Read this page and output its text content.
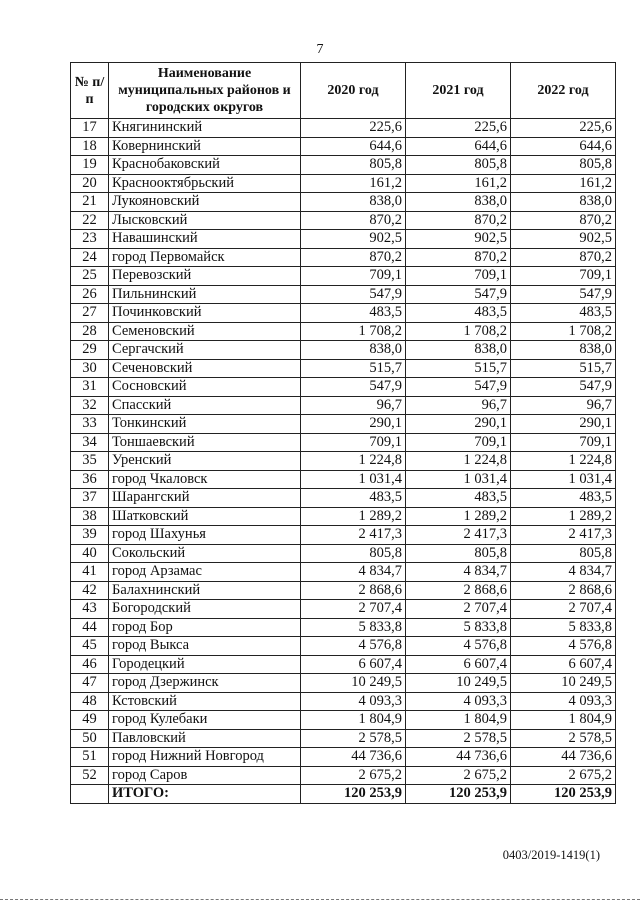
7
№ п/п	Наименование муниципальных районов и городских округов	2020 год	2021 год	2022 год
17	Княгининский	225,6	225,6	225,6
18	Ковернинский	644,6	644,6	644,6
19	Краснобаковский	805,8	805,8	805,8
20	Краснооктябрьский	161,2	161,2	161,2
21	Лукояновский	838,0	838,0	838,0
22	Лысковский	870,2	870,2	870,2
23	Навашинский	902,5	902,5	902,5
24	город Первомайск	870,2	870,2	870,2
25	Перевозский	709,1	709,1	709,1
26	Пильнинский	547,9	547,9	547,9
27	Починковский	483,5	483,5	483,5
28	Семеновский	1 708,2	1 708,2	1 708,2
29	Сергачский	838,0	838,0	838,0
30	Сеченовский	515,7	515,7	515,7
31	Сосновский	547,9	547,9	547,9
32	Спасский	96,7	96,7	96,7
33	Тонкинский	290,1	290,1	290,1
34	Тоншаевский	709,1	709,1	709,1
35	Уренский	1 224,8	1 224,8	1 224,8
36	город Чкаловск	1 031,4	1 031,4	1 031,4
37	Шарангский	483,5	483,5	483,5
38	Шатковский	1 289,2	1 289,2	1 289,2
39	город Шахунья	2 417,3	2 417,3	2 417,3
40	Сокольский	805,8	805,8	805,8
41	город Арзамас	4 834,7	4 834,7	4 834,7
42	Балахнинский	2 868,6	2 868,6	2 868,6
43	Богородский	2 707,4	2 707,4	2 707,4
44	город Бор	5 833,8	5 833,8	5 833,8
45	город Выкса	4 576,8	4 576,8	4 576,8
46	Городецкий	6 607,4	6 607,4	6 607,4
47	город Дзержинск	10 249,5	10 249,5	10 249,5
48	Кстовский	4 093,3	4 093,3	4 093,3
49	город Кулебаки	1 804,9	1 804,9	1 804,9
50	Павловский	2 578,5	2 578,5	2 578,5
51	город Нижний Новгород	44 736,6	44 736,6	44 736,6
52	город Саров	2 675,2	2 675,2	2 675,2
	ИТОГО:	120 253,9	120 253,9	120 253,9
0403/2019-1419(1)
